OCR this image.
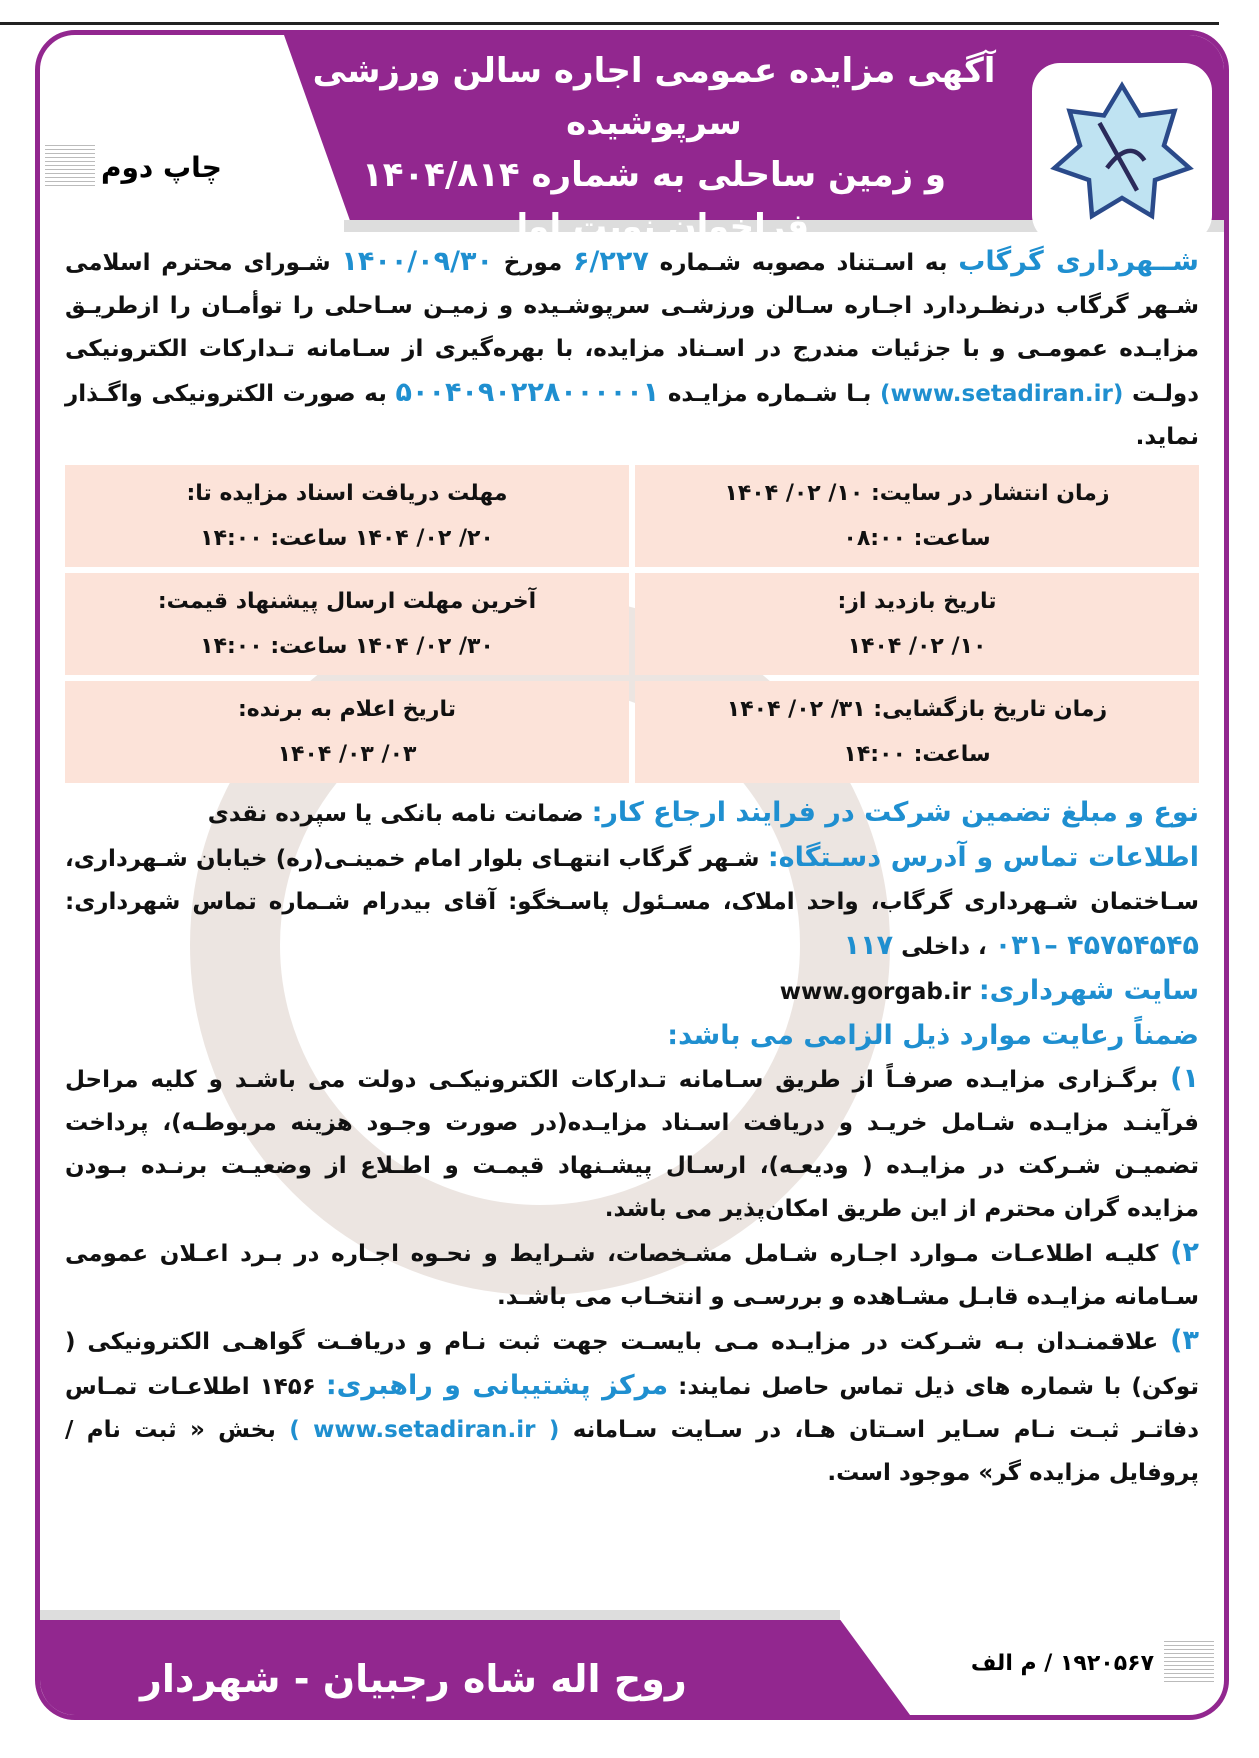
آگهی مزایده عمومی اجاره سالن ورزشی سرپوشیده
و زمین ساحلی به شماره ۱۴۰۴/۸۱۴
فراخوان نوبت اول
چاپ دوم

شــهرداری گرگاب به اسـتناد مصوبه شـماره ۶/۲۲۷ مورخ ۱۴۰۰/۰۹/۳۰ شـورای محترم اسلامی شـهر گرگاب درنظـردارد اجـاره سـالن ورزشـی سرپوشـیده و زمیـن سـاحلی را توأمـان را ازطریـق مزایـده عمومـی و با جزئیات مندرج در اسـناد مزایده، با بهره‌گیری از سـامانه تـدارکات الکترونیکی دولـت (www.setadiran.ir) بـا شـماره مزایـده ۵۰۰۴۰۹۰۲۲۸۰۰۰۰۰۱ به صورت الکترونیکی واگـذار نماید.

زمان انتشار در سایت: ۱۰/ ۰۲/ ۱۴۰۴
ساعت: ۰۸:۰۰
مهلت دریافت اسناد مزایده تا:
۲۰/ ۰۲/ ۱۴۰۴ ساعت: ۱۴:۰۰
تاریخ بازدید از:
۱۰/ ۰۲/ ۱۴۰۴
آخرین مهلت ارسال پیشنهاد قیمت:
۳۰/ ۰۲/ ۱۴۰۴ ساعت: ۱۴:۰۰
زمان تاریخ بازگشایی: ۳۱/ ۰۲/ ۱۴۰۴
ساعت: ۱۴:۰۰
تاریخ اعلام به برنده:
۰۳/ ۰۳/ ۱۴۰۴

نوع و مبلغ تضمین شرکت در فرایند ارجاع کار: ضمانت نامه بانکی یا سپرده نقدی

اطلاعات تماس و آدرس دسـتگاه: شـهر گرگاب انتهـای بلوار امام خمینـی(ره) خیابان شـهرداری، سـاختمان شـهرداری گرگاب، واحد املاک، مسـئول پاسـخگو: آقای بیدرام شـماره تماس شهرداری: ۴۵۷۵۴۵۴۵ –۰۳۱ ، داخلی ۱۱۷

سایت شهرداری: www.gorgab.ir

ضمناً رعایت موارد ذیل الزامی می باشد:

۱) برگـزاری مزایـده صرفـاً از طریق سـامانه تـدارکات الکترونیکـی دولت می باشـد و کلیه مراحل فرآینـد مزایـده شـامل خریـد و دریافت اسـناد مزایـده(در صورت وجـود هزینه مربوطـه)، پرداخت تضمیـن شـرکت در مزایـده ( ودیعـه)، ارسـال پیشـنهاد قیمـت و اطـلاع از وضعیـت برنـده بـودن مزایده گران محترم از این طریق امکان‌پذیر می باشد.

۲) کلیـه اطلاعـات مـوارد اجـاره شـامل مشـخصات، شـرایط و نحـوه اجـاره در بـرد اعـلان عمومی سـامانه مزایـده قابـل مشـاهده و بررسـی و انتخـاب می باشـد.

۳) علاقمنـدان بـه شـرکت در مزایـده مـی بایسـت جهت ثبت نـام و دریافـت گواهـی الکترونیکی ( توکن) با شماره های ذیل تماس حاصل نمایند: مرکز پشتیبانی و راهبری: ۱۴۵۶ اطلاعـات تمـاس دفاتـر ثبـت نـام سـایر اسـتان هـا، در سـایت سـامانه ( www.setadiran.ir ) بخش « ثبت نام / پروفایل مزایده گر» موجود است.

روح اله شاه رجبیان - شهردار	۱۹۲۰۵۶۷ / م الف
